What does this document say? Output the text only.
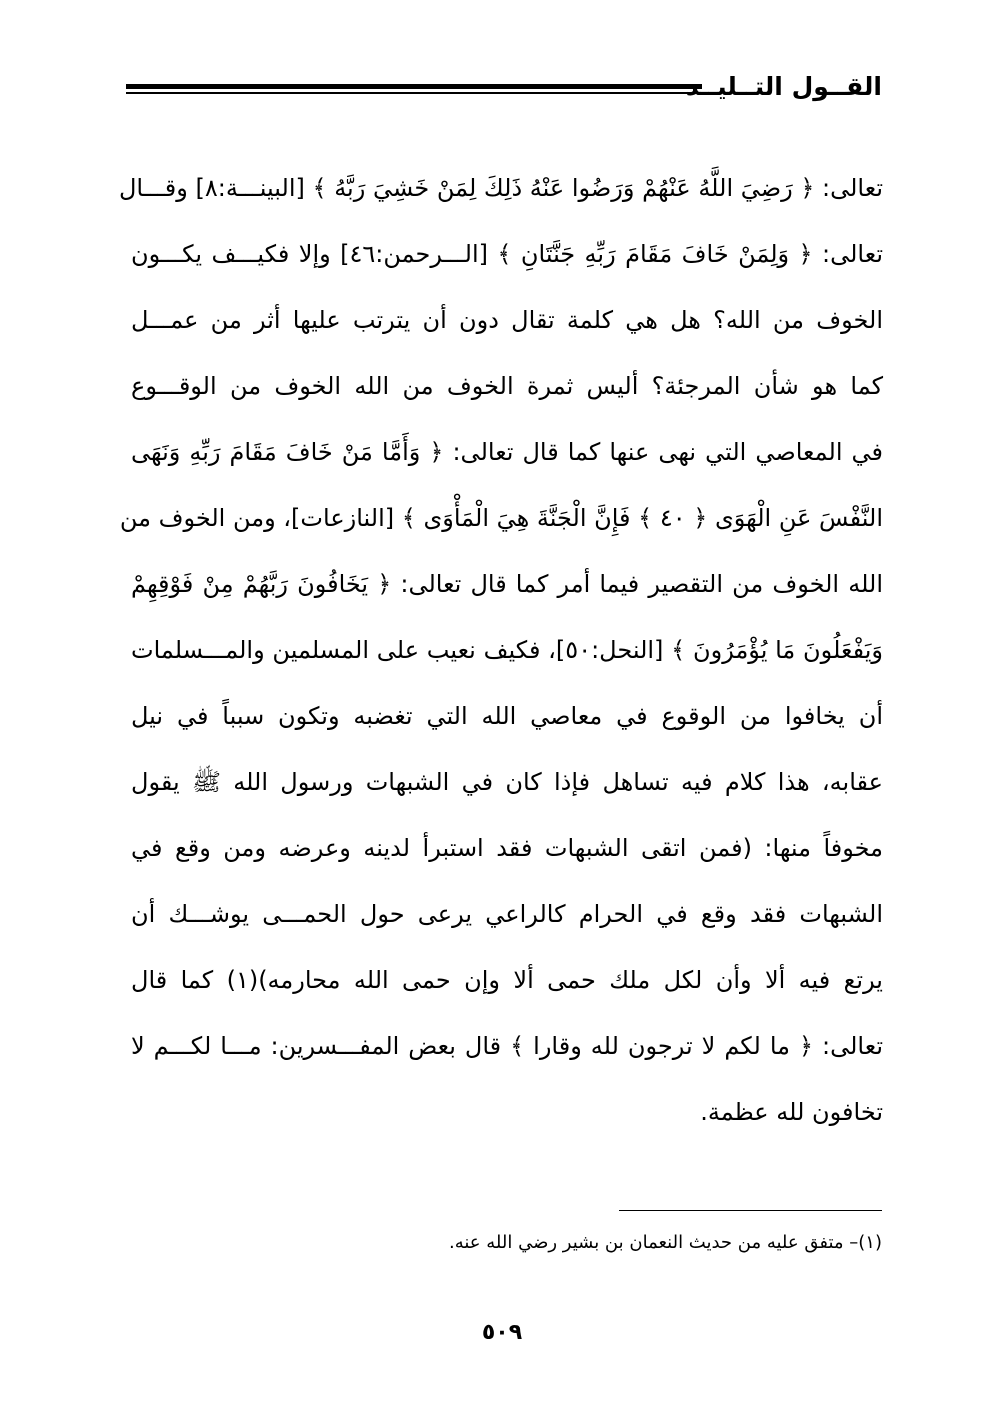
القــول التــليــد
تعالى: ﴿ رَضِيَ اللَّهُ عَنْهُمْ وَرَضُوا عَنْهُ ذَلِكَ لِمَنْ خَشِيَ رَبَّهُ ﴾ [البينـــة:٨] وقـــال
تعالى: ﴿ وَلِمَنْ خَافَ مَقَامَ رَبِّهِ جَنَّتَانِ ﴾ [الـــرحمن:٤٦] وإلا فكيـــف يكـــون
الخوف من الله؟ هل هي كلمة تقال دون أن يترتب عليها أثر من عمـــل
كما هو شأن المرجئة؟ أليس ثمرة الخوف من الله الخوف من الوقـــوع
في المعاصي التي نهى عنها كما قال تعالى: ﴿ وَأَمَّا مَنْ خَافَ مَقَامَ رَبِّهِ وَنَهَى
النَّفْسَ عَنِ الْهَوَى ﴿ ٤٠ ﴾ فَإِنَّ الْجَنَّةَ هِيَ الْمَأْوَى ﴾ [النازعات]، ومن الخوف من
الله الخوف من التقصير فيما أمر كما قال تعالى: ﴿ يَخَافُونَ رَبَّهُمْ مِنْ فَوْقِهِمْ
وَيَفْعَلُونَ مَا يُؤْمَرُونَ ﴾ [النحل:٥٠]، فكيف نعيب على المسلمين والمـــسلمات
أن يخافوا من الوقوع في معاصي الله التي تغضبه وتكون سبباً في نيل
عقابه، هذا كلام فيه تساهل فإذا كان في الشبهات ورسول الله ﷺ يقول
مخوفاً منها: (فمن اتقى الشبهات فقد استبرأ لدينه وعرضه ومن وقع في
الشبهات فقد وقع في الحرام كالراعي يرعى حول الحمـــى يوشـــك أن
يرتع فيه ألا وأن لكل ملك حمى ألا وإن حمى الله محارمه)(١) كما قال
تعالى: ﴿ ما لكم لا ترجون لله وقارا ﴾ قال بعض المفـــسرين: مـــا لكـــم لا
تخافون لله عظمة.
(١)– متفق عليه من حديث النعمان بن بشير رضي الله عنه.
٥٠٩
